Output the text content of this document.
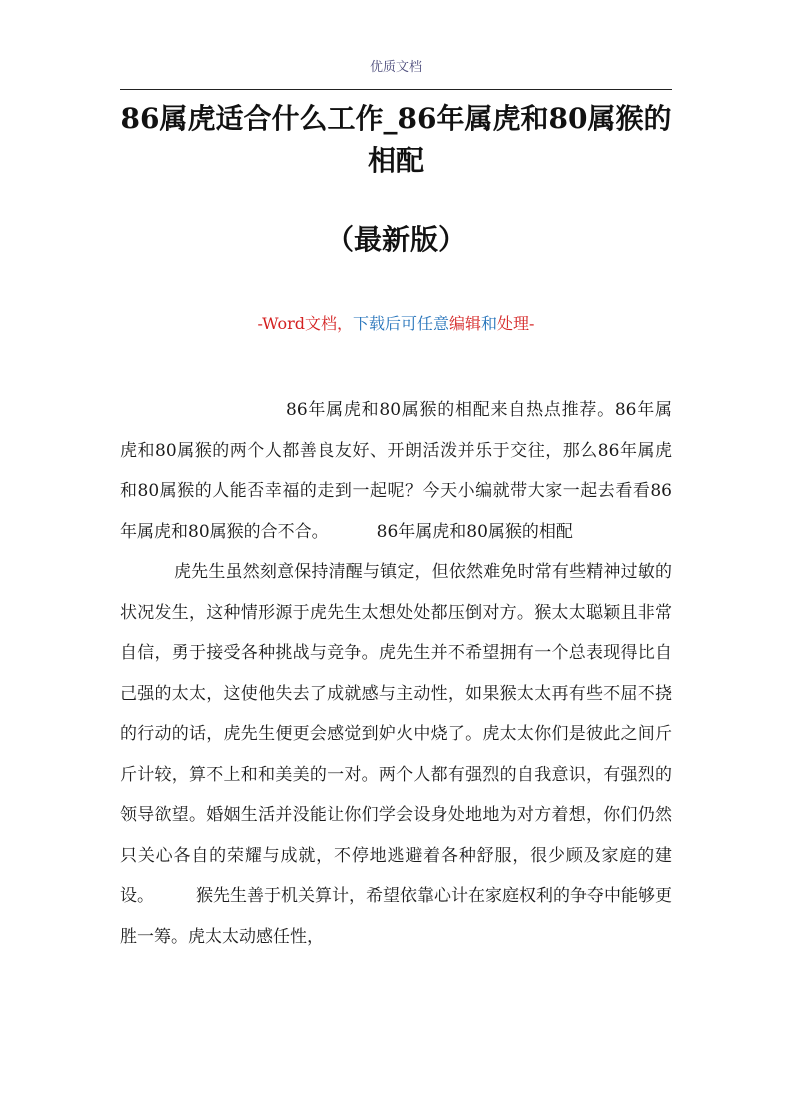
优质文档
86属虎适合什么工作_86年属虎和80属猴的相配
（最新版）
-Word文档，下载后可任意编辑和处理-

86年属虎和80属猴的相配来自热点推荐。86年属虎和80属猴的两个人都善良友好、开朗活泼并乐于交往，那么86年属虎和80属猴的人能否幸福的走到一起呢？今天小编就带大家一起去看看86年属虎和80属猴的合不合。	86年属虎和80属猴的相配

虎先生虽然刻意保持清醒与镇定，但依然难免时常有些精神过敏的状况发生，这种情形源于虎先生太想处处都压倒对方。猴太太聪颖且非常自信，勇于接受各种挑战与竞争。虎先生并不希望拥有一个总表现得比自己强的太太，这使他失去了成就感与主动性，如果猴太太再有些不屈不挠的行动的话，虎先生便更会感觉到妒火中烧了。虎太太你们是彼此之间斤斤计较，算不上和和美美的一对。两个人都有强烈的自我意识，有强烈的领导欲望。婚姻生活并没能让你们学会设身处地地为对方着想，你们仍然只关心各自的荣耀与成就，不停地逃避着各种舒服，很少顾及家庭的建设。 猴先生善于机关算计，希望依靠心计在家庭权利的争夺中能够更胜一筹。虎太太动感任性，
